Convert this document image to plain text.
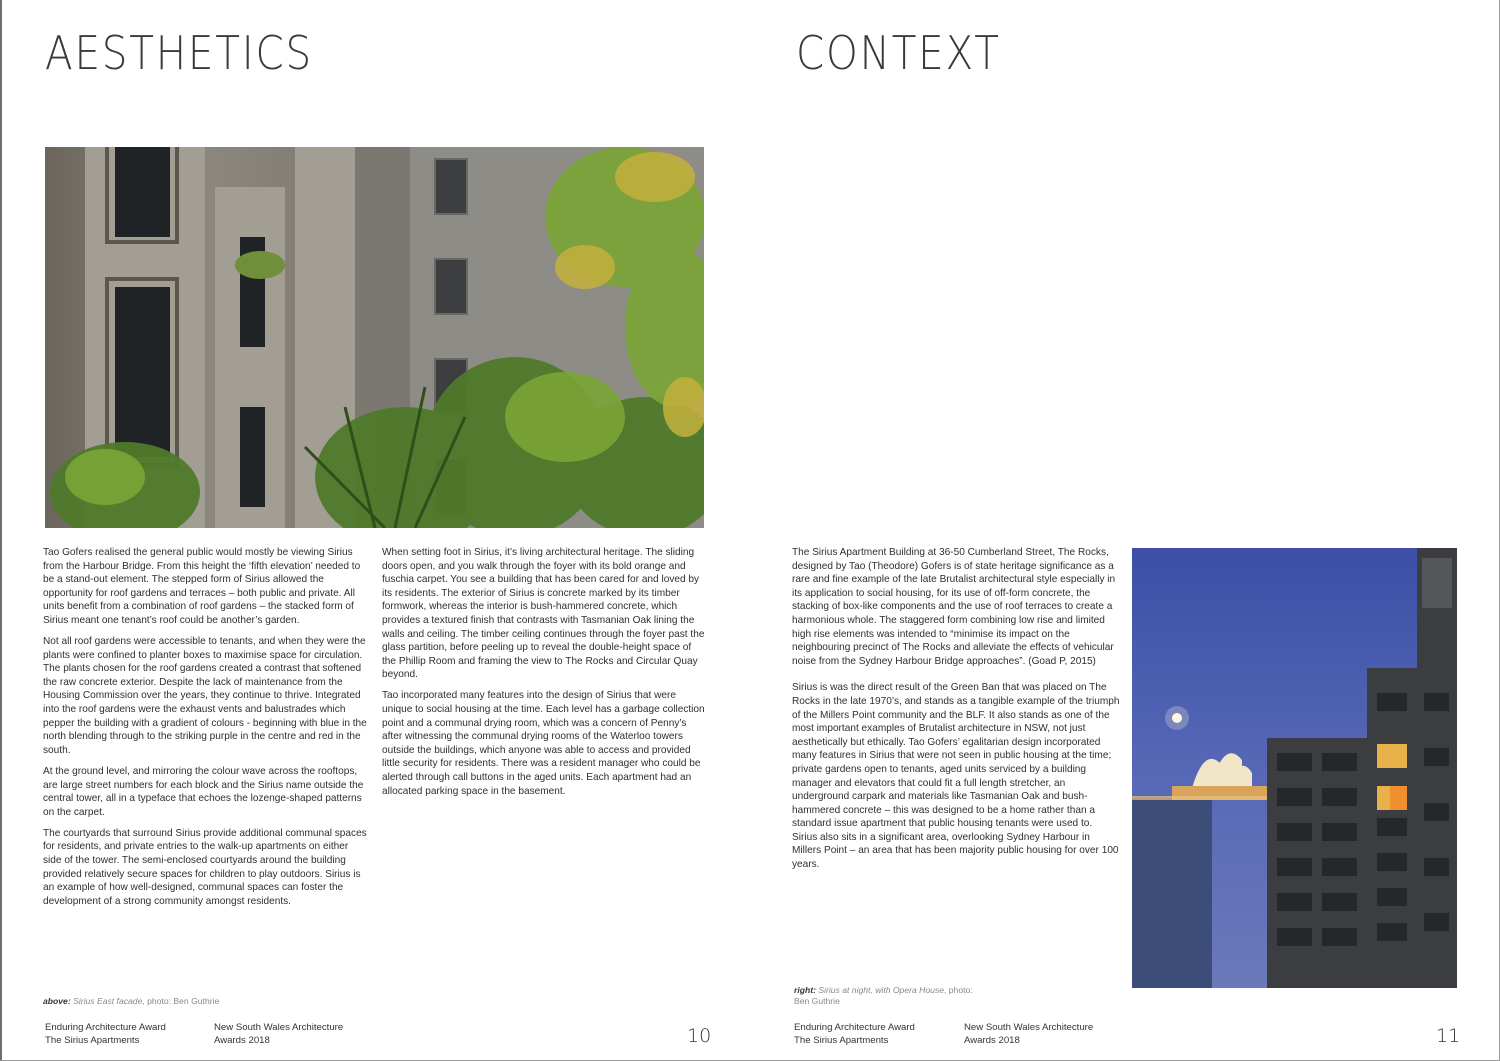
AESTHETICS

Tao Gofers realised the general public would mostly be viewing Sirius from the Harbour Bridge. From this height the ‘fifth elevation’ needed to be a stand-out element. The stepped form of Sirius allowed the opportunity for roof gardens and terraces – both public and private. All units benefit from a combination of roof gardens – the stacked form of Sirius meant one tenant’s roof could be another’s garden.

Not all roof gardens were accessible to tenants, and when they were the plants were confined to planter boxes to maximise space for circulation. The plants chosen for the roof gardens created a contrast that softened the raw concrete exterior. Despite the lack of maintenance from the Housing Commission over the years, they continue to thrive. Integrated into the roof gardens were the exhaust vents and balustrades which pepper the building with a gradient of colours - beginning with blue in the north blending through to the striking purple in the centre and red in the south.

At the ground level, and mirroring the colour wave across the rooftops, are large street numbers for each block and the Sirius name outside the central tower, all in a typeface that echoes the lozenge-shaped patterns on the carpet.

The courtyards that surround Sirius provide additional communal spaces for residents, and private entries to the walk-up apartments on either side of the tower. The semi-enclosed courtyards around the building provided relatively secure spaces for children to play outdoors. Sirius is an example of how well-designed, communal spaces can foster the development of a strong community amongst residents.

When setting foot in Sirius, it’s living architectural heritage. The sliding doors open, and you walk through the foyer with its bold orange and fuschia carpet. You see a building that has been cared for and loved by its residents. The exterior of Sirius is concrete marked by its timber formwork, whereas the interior is bush-hammered concrete, which provides a textured finish that contrasts with Tasmanian Oak lining the walls and ceiling. The timber ceiling continues through the foyer past the glass partition, before peeling up to reveal the double-height space of the Phillip Room and framing the view to The Rocks and Circular Quay beyond.

Tao incorporated many features into the design of Sirius that were unique to social housing at the time. Each level has a garbage collection point and a communal drying room, which was a concern of Penny’s after witnessing the communal drying rooms of the Waterloo towers outside the buildings, which anyone was able to access and provided little security for residents. There was a resident manager who could be alerted through call buttons in the aged units. Each apartment had an allocated parking space in the basement.

above: Sirius East facade, photo: Ben Guthrie
Enduring Architecture Award
The Sirius Apartments
New South Wales Architecture
Awards 2018	10
CONTEXT

The Sirius Apartment Building at 36-50 Cumberland Street, The Rocks, designed by Tao (Theodore) Gofers is of state heritage significance as a rare and fine example of the late Brutalist architectural style especially in its application to social housing, for its use of off-form concrete, the stacking of box-like components and the use of roof terraces to create a harmonious whole. The staggered form combining low rise and limited high rise elements was intended to “minimise its impact on the neighbouring precinct of The Rocks and alleviate the effects of vehicular noise from the Sydney Harbour Bridge approaches”. (Goad P, 2015)

Sirius is was the direct result of the Green Ban that was placed on The Rocks in the late 1970’s, and stands as a tangible example of the triumph of the Millers Point community and the BLF. It also stands as one of the most important examples of Brutalist architecture in NSW, not just aesthetically but ethically. Tao Gofers’ egalitarian design incorporated many features in Sirius that were not seen in public housing at the time; private gardens open to tenants, aged units serviced by a building manager and elevators that could fit a full length stretcher, an underground carpark and materials like Tasmanian Oak and bush-hammered concrete – this was designed to be a home rather than a standard issue apartment that public housing tenants were used to. Sirius also sits in a significant area, overlooking Sydney Harbour in Millers Point – an area that has been majority public housing for over 100 years.

right: Sirius at night, with Opera House, photo: Ben Guthrie
Enduring Architecture Award
The Sirius Apartments
New South Wales Architecture
Awards 2018	11
